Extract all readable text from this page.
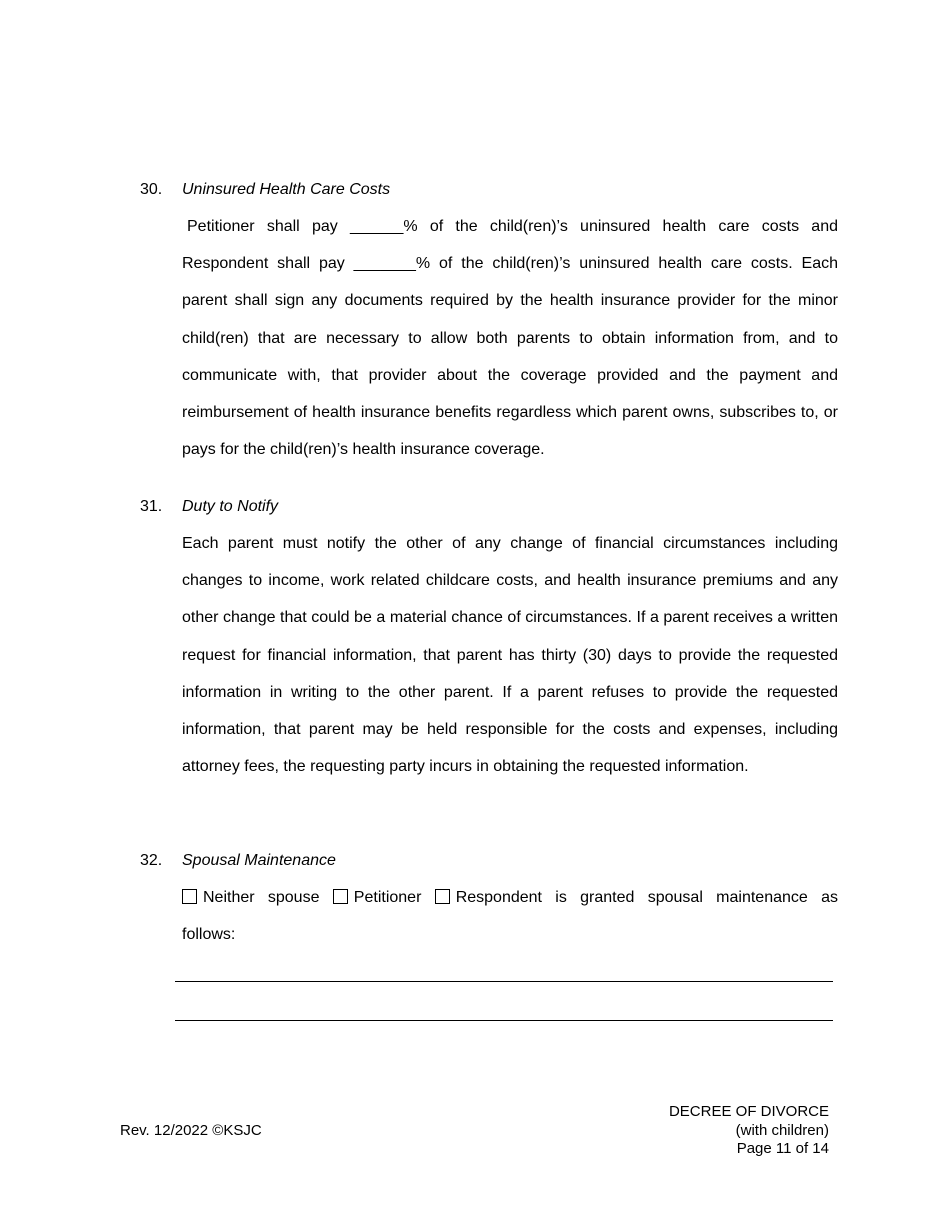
30. Uninsured Health Care Costs

Petitioner shall pay ______% of the child(ren)’s uninsured health care costs and Respondent shall pay _______% of the child(ren)’s uninsured health care costs. Each parent shall sign any documents required by the health insurance provider for the minor child(ren) that are necessary to allow both parents to obtain information from, and to communicate with, that provider about the coverage provided and the payment and reimbursement of health insurance benefits regardless which parent owns, subscribes to, or pays for the child(ren)’s health insurance coverage.

31. Duty to Notify

Each parent must notify the other of any change of financial circumstances including changes to income, work related childcare costs, and health insurance premiums and any other change that could be a material chance of circumstances. If a parent receives a written request for financial information, that parent has thirty (30) days to provide the requested information in writing to the other parent. If a parent refuses to provide the requested information, that parent may be held responsible for the costs and expenses, including attorney fees, the requesting party incurs in obtaining the requested information.

32. Spousal Maintenance
Neither spouse Petitioner Respondent is granted spousal maintenance as
follows:
Rev. 12/2022 ©KSJC
DECREE OF DIVORCE
(with children)
Page 11 of 14
